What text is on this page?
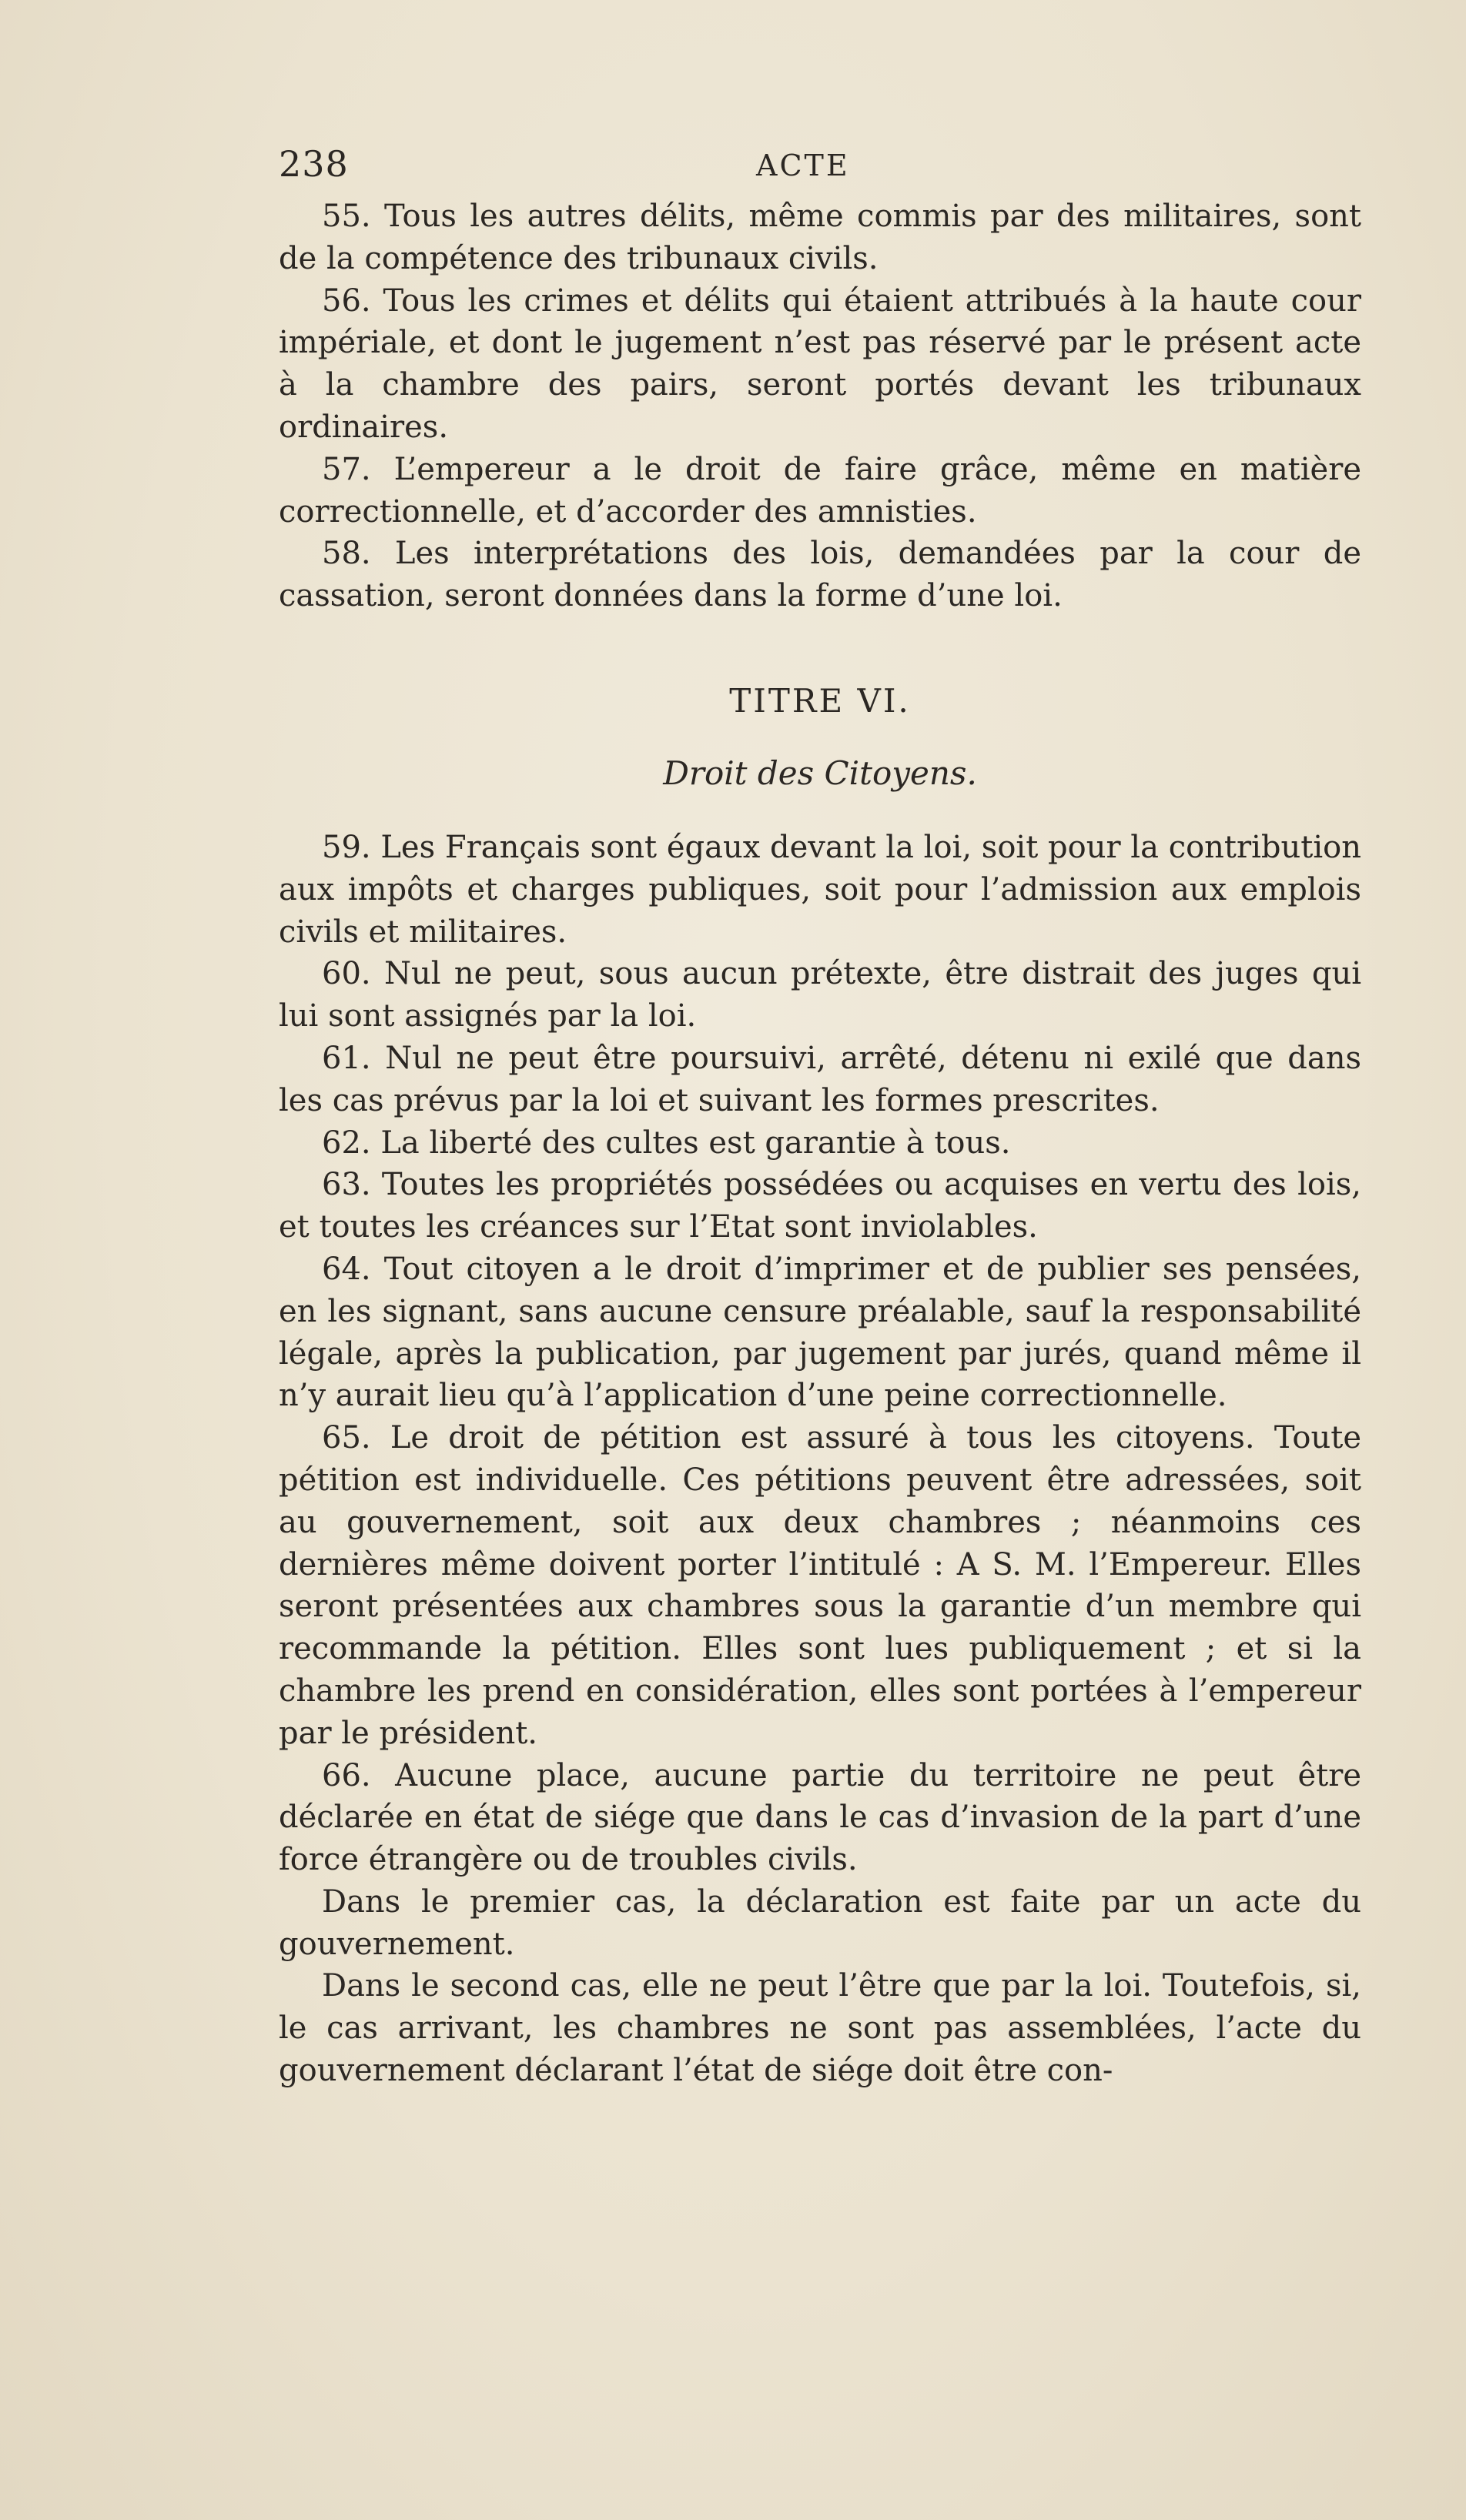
238	ACTE

55. Tous les autres délits, même commis par des militaires, sont de la compétence des tribunaux civils.

56. Tous les crimes et délits qui étaient attribués à la haute cour impériale, et dont le jugement n’est pas réservé par le présent acte à la chambre des pairs, seront portés devant les tribunaux ordinaires.

57. L’empereur a le droit de faire grâce, même en matière correctionnelle, et d’accorder des amnisties.

58. Les interprétations des lois, demandées par la cour de cassation, seront données dans la forme d’une loi.

TITRE VI.

Droit des Citoyens.

59. Les Français sont égaux devant la loi, soit pour la contribution aux impôts et charges publiques, soit pour l’admission aux emplois civils et militaires.

60. Nul ne peut, sous aucun prétexte, être distrait des juges qui lui sont assignés par la loi.

61. Nul ne peut être poursuivi, arrêté, détenu ni exilé que dans les cas prévus par la loi et suivant les formes prescrites.

62. La liberté des cultes est garantie à tous.

63. Toutes les propriétés possédées ou acquises en vertu des lois, et toutes les créances sur l’Etat sont inviolables.

64. Tout citoyen a le droit d’imprimer et de publier ses pensées, en les signant, sans aucune censure préalable, sauf la responsabilité légale, après la publication, par jugement par jurés, quand même il n’y aurait lieu qu’à l’application d’une peine correctionnelle.

65. Le droit de pétition est assuré à tous les citoyens. Toute pétition est individuelle. Ces pétitions peuvent être adressées, soit au gouvernement, soit aux deux chambres ; néanmoins ces dernières même doivent porter l’intitulé : A S. M. l’Empereur. Elles seront présentées aux chambres sous la garantie d’un membre qui recommande la pétition. Elles sont lues publiquement ; et si la chambre les prend en considération, elles sont portées à l’empereur par le président.

66. Aucune place, aucune partie du territoire ne peut être déclarée en état de siége que dans le cas d’invasion de la part d’une force étrangère ou de troubles civils.

Dans le premier cas, la déclaration est faite par un acte du gouvernement.

Dans le second cas, elle ne peut l’être que par la loi. Toutefois, si, le cas arrivant, les chambres ne sont pas assemblées, l’acte du gouvernement déclarant l’état de siége doit être con-
